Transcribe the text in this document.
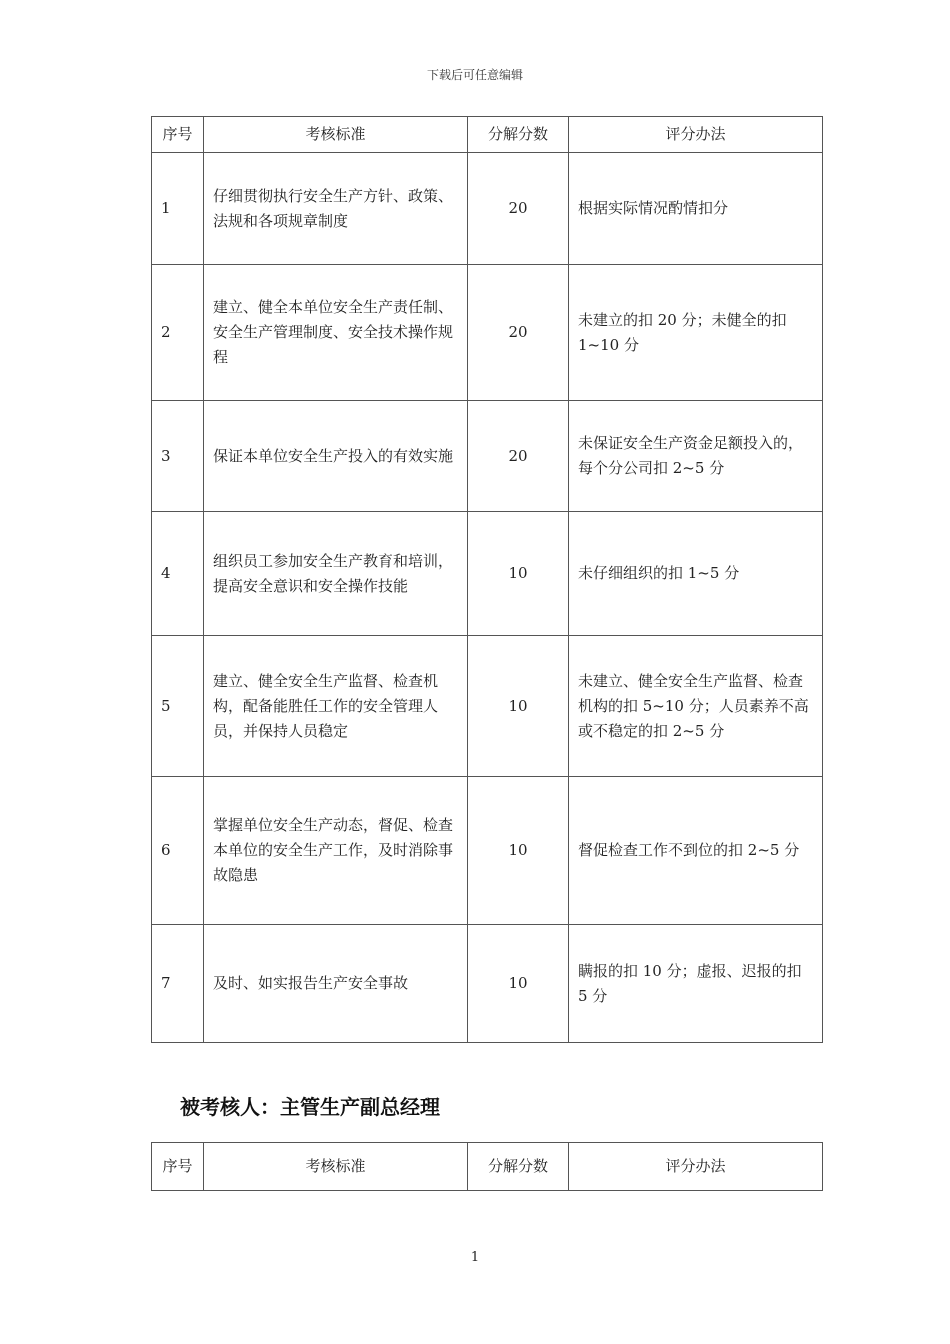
下载后可任意编辑
序号	考核标准	分解分数	评分办法
1	仔细贯彻执行安全生产方针、政策、法规和各项规章制度	20	根据实际情况酌情扣分
2	建立、健全本单位安全生产责任制、安全生产管理制度、安全技术操作规程	20	未建立的扣 20 分；未健全的扣 1~10 分
3	保证本单位安全生产投入的有效实施	20	未保证安全生产资金足额投入的，每个分公司扣 2~5 分
4	组织员工参加安全生产教育和培训，提高安全意识和安全操作技能	10	未仔细组织的扣 1~5 分
5	建立、健全安全生产监督、检查机构，配备能胜任工作的安全管理人员，并保持人员稳定	10	未建立、健全安全生产监督、检查机构的扣 5~10 分；人员素养不高或不稳定的扣 2~5 分
6	掌握单位安全生产动态，督促、检查本单位的安全生产工作，及时消除事故隐患	10	督促检查工作不到位的扣 2~5 分
7	及时、如实报告生产安全事故	10	瞒报的扣 10 分；虚报、迟报的扣 5 分
被考核人：主管生产副总经理
序号	考核标准	分解分数	评分办法
1
